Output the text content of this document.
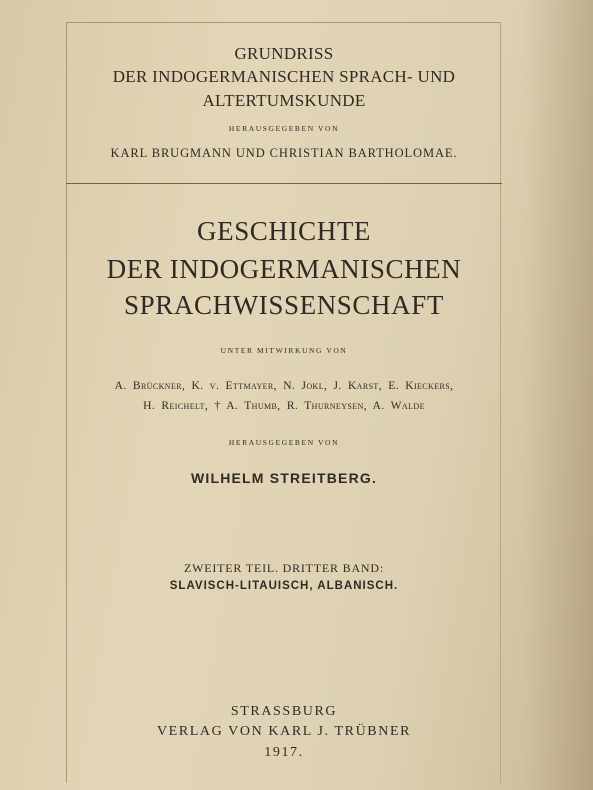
GRUNDRISS
DER INDOGERMANISCHEN SPRACH- UND
ALTERTUMSKUNDE
HERAUSGEGEBEN VON
KARL BRUGMANN UND CHRISTIAN BARTHOLOMAE.
GESCHICHTE
DER INDOGERMANISCHEN
SPRACHWISSENSCHAFT
UNTER MITWIRKUNG VON
A. Brückner, K. v. Ettmayer, N. Jokl, J. Karst, E. Kieckers,
H. Reichelt, † A. Thumb, R. Thurneysen, A. Walde
HERAUSGEGEBEN VON
WILHELM STREITBERG.
ZWEITER TEIL. DRITTER BAND:
SLAVISCH-LITAUISCH, ALBANISCH.
STRASSBURG
VERLAG VON KARL J. TRÜBNER
1917.
